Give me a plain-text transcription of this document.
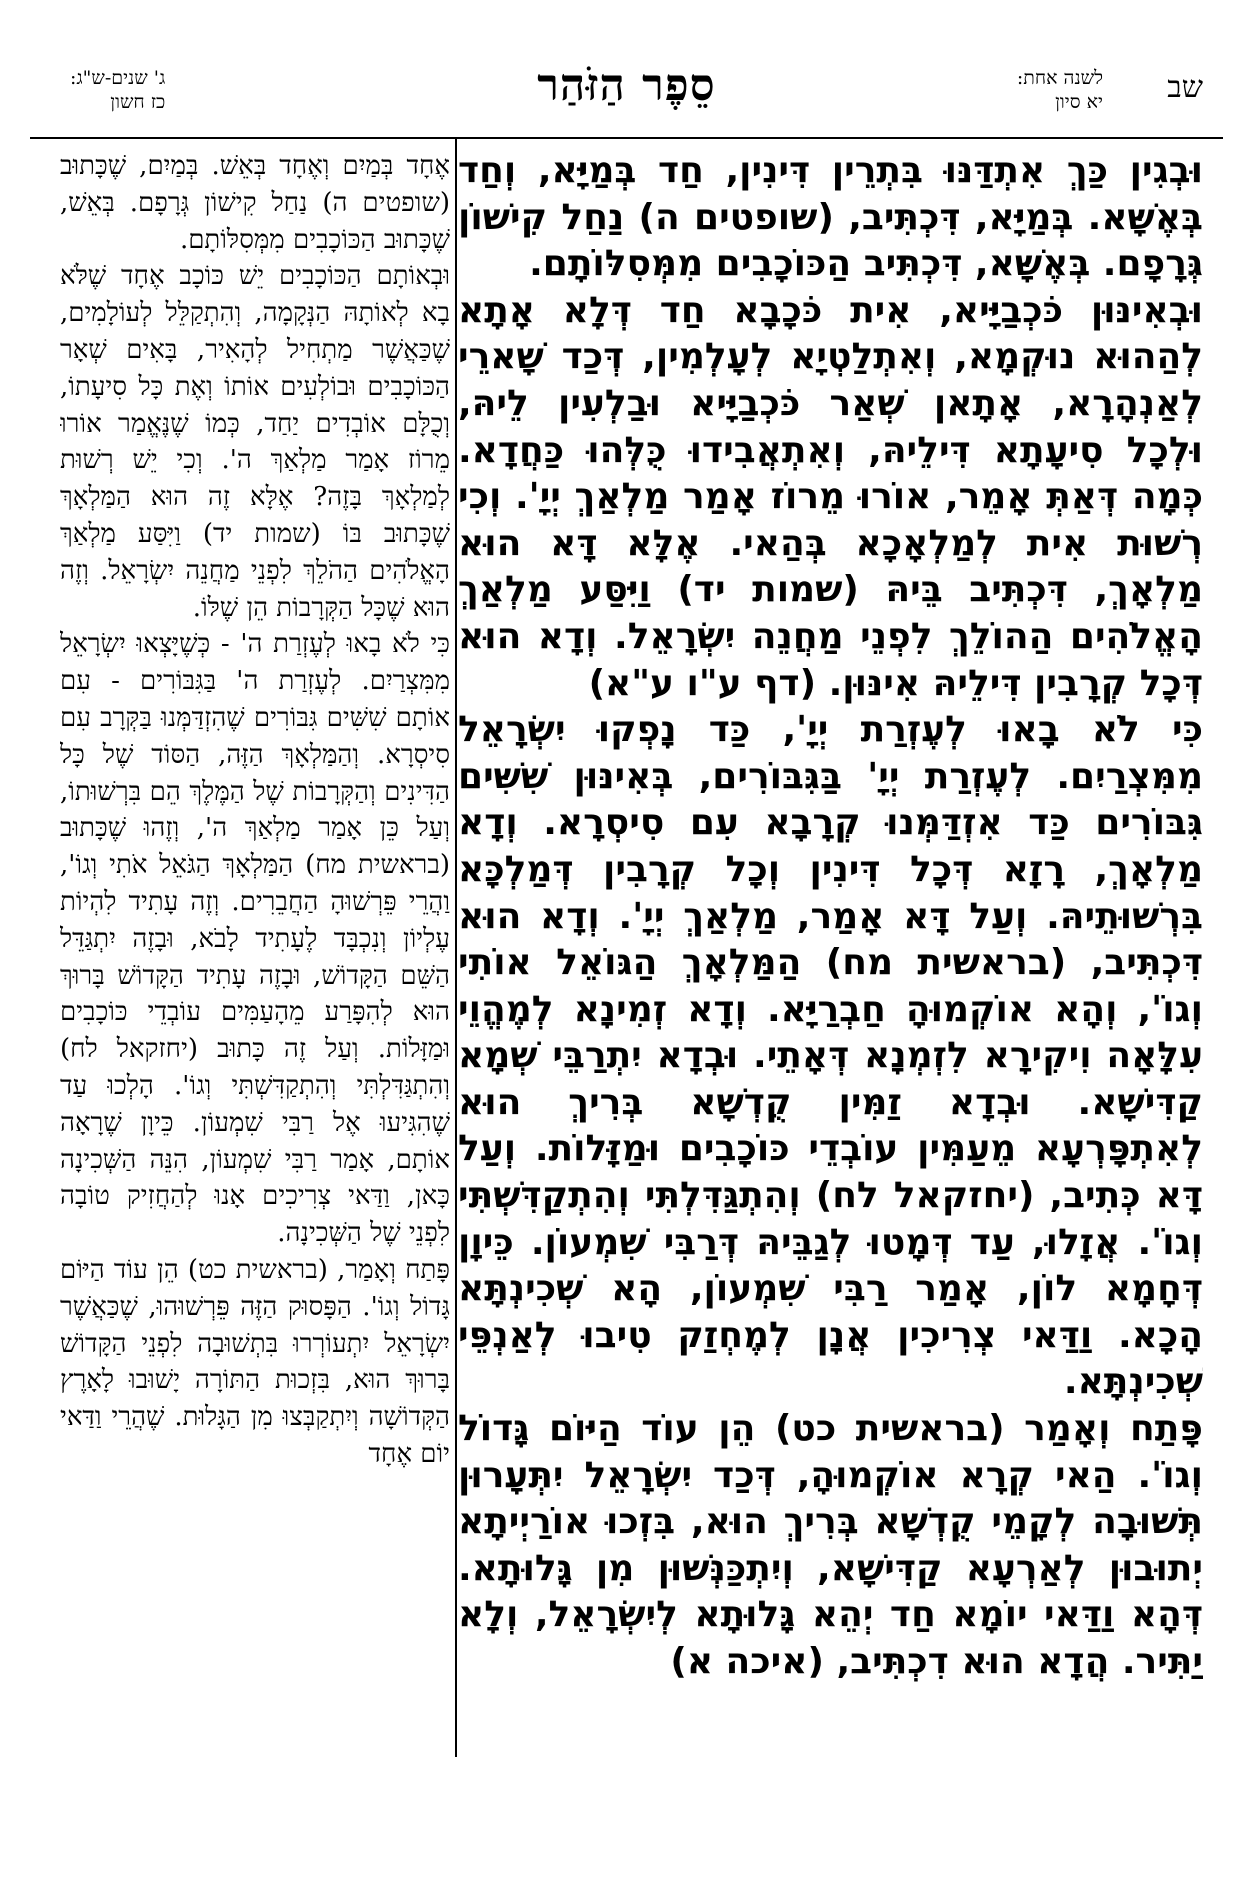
שב
לשנה אחת:
יא סיון
סֵפֶר הַזֹּהַר
ג' שנים-ש"ג:
כז חשון

וּבְגִין כַּךְ אִתְדַּנּוּ בִּתְרֵין דִּינִין, חַד בְּמַיָּא, וְחַד בְּאֶשָּׁא. בְּמַיָּא, דִּכְתִּיב, (שופטים ה) נַחַל קִישׁוֹן גְּרָפָם. בְּאֶשָּׁא, דִּכְתִּיב הַכּוֹכָבִים מִמְּסִלּוֹתָם.

וּבְאִינּוּן כֹּכְבַיָּיא, אִית כֹּכָבָא חַד דְּלָא אָתָא לְהַהוּא נוּקְמָא, וְאִתְלַטְיָא לְעָלְמִין, דְּכַד שָׁארֵי לְאַנְהָרָא, אָתָאן שְׁאַר כֹּכְבַיָּיא וּבַלְעִין לֵיהּ, וּלְכָל סִיעָתָא דִּילֵיהּ, וְאִתְאֲבִידוּ כֻּלְּהוּ כַּחֲדָא. כְּמָה דְּאַתְּ אָמֵר, אוֹרוּ מֵרוֹז אָמַר מַלְאַךְ יְיָ'. וְכִי רְשׁוּת אִית לְמַלְאָכָא בְּהַאי. אֶלָּא דָּא הוּא מַלְאָךְ, דִּכְתִּיב בֵּיהּ (שמות יד) וַיִּסַּע מַלְאַךְ הָאֱלֹהִים הַהוֹלֵךְ לִפְנֵי מַחֲנֵה יִשְׂרָאֵל. וְדָא הוּא דְּכָל קְרָבִין דִּילֵיהּ אִינּוּן. (דף ע"ו ע"א)

כִּי לֹא בָאוּ לְעֶזְרַת יְיָ', כַּד נָפְקוּ יִשְׂרָאֵל מִמִּצְרַיִם. לְעֶזְרַת יְיָ' בַּגִּבּוֹרִים, בְּאִינּוּן שִׁשִּׁים גִּבּוֹרִים כַּד אִזְדַּמְּנוּ קְרָבָא עִם סִיסְרָא. וְדָא מַלְאָךְ, רָזָא דְּכָל דִּינִין וְכָל קְרָבִין דְּמַלְכָּא בִּרְשׁוּתֵיהּ. וְעַל דָּא אָמַר, מַלְאַךְ יְיָ'. וְדָא הוּא דִּכְתִּיב, (בראשית מח) הַמַּלְאָךְ הַגּוֹאֵל אוֹתִי וְגוֹ', וְהָא אוֹקְמוּהָ חַבְרַיָּא. וְדָא זְמִינָא לְמֶהֱוֵי עִלָּאָה וִיקִירָא לִזְמְנָא דְּאָתֵי. וּבְדָא יִתְרַבֵּי שְׁמָא קַדִּישָׁא. וּבְדָא זַמִּין קֻדְשָׁא בְּרִיךְ הוּא לְאִתְפָּרְעָא מֵעַמִּין עוֹבְדֵי כּוֹכָבִים וּמַזָּלוֹת. וְעַל דָּא כְּתִיב, (יחזקאל לח) וְהִתְגַּדִּלְתִּי וְהִתְקַדִּשְׁתִּי וְגוֹ'. אֲזָלוּ, עַד דְּמָטוּ לְגַבֵּיהּ דְּרַבִּי שִׁמְעוֹן. כֵּיוָן דְּחָמָא לוֹן, אָמַר רַבִּי שִׁמְעוֹן, הָא שְׁכִינְתָּא הָכָא. וַדַּאי צְרִיכִין אֲנָן לְמֶחְזַק טִיבוּ לְאַנְפֵּי שְׁכִינְתָּא.

פָּתַח וְאָמַר (בראשית כט) הֵן עוֹד הַיּוֹם גָּדוֹל וְגוֹ'. הַאי קְרָא אוֹקְמוּהָ, דְּכַד יִשְׂרָאֵל יִתְּעָרוּן תְּשׁוּבָה לְקָמֵי קֻדְשָׁא בְּרִיךְ הוּא, בִּזְכוּ אוֹרַיְיתָא יְתוּבוּן לְאַרְעָא קַדִּישָׁא, וְיִתְכַּנְּשׁוּן מִן גָּלוּתָא. דְּהָא וַדַּאי יוֹמָא חַד יְהֵא גָּלוּתָא לְיִשְׂרָאֵל, וְלָא יַתִּיר. הֲדָא הוּא דִכְתִּיב, (איכה א)

אֶחָד בְּמַיִם וְאֶחָד בְּאֵשׁ. בְּמַיִם, שֶׁכָּתוּב (שופטים ה) נַחַל קִישׁוֹן גְּרָפָם. בְּאֵשׁ, שֶׁכָּתוּב הַכּוֹכָבִים מִמְּסִלּוֹתָם.

וּבְאוֹתָם הַכּוֹכָבִים יֵשׁ כּוֹכָב אֶחָד שֶׁלֹּא בָא לְאוֹתָהּ הַנְּקָמָה, וְהִתְקַלֵּל לְעוֹלָמִים, שֶׁכַּאֲשֶׁר מַתְחִיל לְהָאִיר, בָּאִים שְׁאָר הַכּוֹכָבִים וּבוֹלְעִים אוֹתוֹ וְאֶת כָּל סִיעָתוֹ, וְכֻלָּם אוֹבְדִים יַחַד, כְּמוֹ שֶׁנֶּאֱמַר אוֹרוּ מֵרוֹז אָמַר מַלְאַךְ ה'. וְכִי יֵשׁ רְשׁוּת לְמַלְאָךְ בָּזֶה? אֶלָּא זֶה הוּא הַמַּלְאָךְ שֶׁכָּתוּב בּוֹ (שמות יד) וַיִּסַּע מַלְאַךְ הָאֱלֹהִים הַהֹלֵךְ לִפְנֵי מַחֲנֵה יִשְׂרָאֵל. וְזֶה הוּא שֶׁכָּל הַקְּרָבוֹת הֵן שֶׁלּוֹ.

כִּי לֹא בָאוּ לְעֶזְרַת ה' - כְּשֶׁיָּצְאוּ יִשְׂרָאֵל מִמִּצְרַיִם. לְעֶזְרַת ה' בַּגִּבּוֹרִים - עִם אוֹתָם שִׁשִּׁים גִּבּוֹרִים שֶׁהִזְדַּמְּנוּ בַּקְּרָב עִם סִיסְרָא. וְהַמַּלְאָךְ הַזֶּה, הַסּוֹד שֶׁל כָּל הַדִּינִים וְהַקְּרָבוֹת שֶׁל הַמֶּלֶךְ הֵם בִּרְשׁוּתוֹ, וְעַל כֵּן אָמַר מַלְאַךְ ה', וְזֶהוּ שֶׁכָּתוּב (בראשית מח) הַמַּלְאָךְ הַגֹּאֵל אֹתִי וְגוֹ', וַהֲרֵי פֵּרְשׁוּהָ הַחֲבֵרִים. וְזֶה עָתִיד לִהְיוֹת עֶלְיוֹן וְנִכְבָּד לֶעָתִיד לָבֹא, וּבָזֶה יִתְגַּדֵּל הַשֵּׁם הַקָּדוֹשׁ, וּבָזֶה עָתִיד הַקָּדוֹשׁ בָּרוּךְ הוּא לְהִפָּרַע מֵהָעַמִּים עוֹבְדֵי כּוֹכָבִים וּמַזָּלוֹת. וְעַל זֶה כָּתוּב (יחזקאל לח) וְהִתְגַּדִּלְתִּי וְהִתְקַדִּשְׁתִּי וְגוֹ'. הָלְכוּ עַד שֶׁהִגִּיעוּ אֶל רַבִּי שִׁמְעוֹן. כֵּיוָן שֶׁרָאָה אוֹתָם, אָמַר רַבִּי שִׁמְעוֹן, הִנֵּה הַשְּׁכִינָה כָּאן, וַדַּאי צְרִיכִים אָנוּ לְהַחֲזִיק טוֹבָה לִפְנֵי שֶׁל הַשְּׁכִינָה.

פָּתַח וְאָמַר, (בראשית כט) הֵן עוֹד הַיּוֹם גָּדוֹל וְגוֹ'. הַפָּסוּק הַזֶּה פֵּרְשׁוּהוּ, שֶׁכַּאֲשֶׁר יִשְׂרָאֵל יִתְעוֹרְרוּ בִּתְשׁוּבָה לִפְנֵי הַקָּדוֹשׁ בָּרוּךְ הוּא, בִּזְכוּת הַתּוֹרָה יָשׁוּבוּ לָאָרֶץ הַקְּדוֹשָׁה וְיִתְקַבְּצוּ מִן הַגָּלוּת. שֶׁהֲרֵי וַדַּאי יוֹם אֶחָד
